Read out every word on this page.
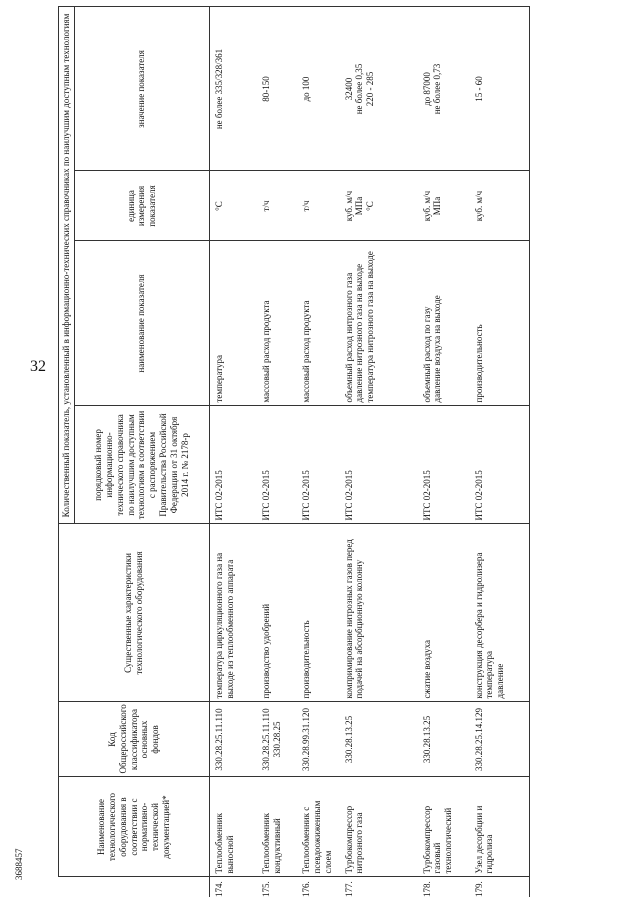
32
3688457
	Наименование технологического оборудования в соответствии с нормативно-технической документацией*	Код Общероссийского классификатора основных фондов	Существенные характеристики технологического оборудования	Количественный показатель, установленный в информационно-технических справочниках по наилучшим доступным технологиям			
				порядковый номер информационно-технического справочника по наилучшим доступным технологиям в соответствии с распоряжением Правительства Российской Федерации от 31 октября 2014 г. № 2178-р	наименование показателя	единица измерения показателя	значение показателя
174.	Теплообменник выносной	330.28.25.11.110	температура циркуляционного газа на выходе из теплообменного аппарата	ИТС 02-2015	температура	°C	не более 335/328/361

175.	Теплообменник кондуктивный	330.28.25.11.110 330.28.25	производство удобрений	ИТС 02-2015	массовый расход продукта	т/ч	80-150

176.	Теплообменник с псевдоожиженным слоем	330.28.99.31.120	производительность	ИТС 02-2015	массовый расход продукта	т/ч	до 100

177.	Турбокомпрессор нитрозного газа	330.28.13.25	компримирование нитрозных газов перед подачей на абсорбционную колонну	ИТС 02-2015	объемный расход нитрозного газа давление нитрозного газа на выходе температура нитрозного газа на выходе	куб. м/ч МПа °C	32400 не более 0,35 220 - 285

178.	Турбокомпрессор газовый технологический	330.28.13.25	сжатие воздуха	ИТС 02-2015	объемный расход по газу давление воздуха на выходе	куб. м/ч МПа	до 87000 не более 0,73

179.	Узел десорбции и гидролиза	330.28.25.14.129	конструкция десорбера и гидролизера температура давление	ИТС 02-2015	производительность	куб. м/ч	15 - 60
